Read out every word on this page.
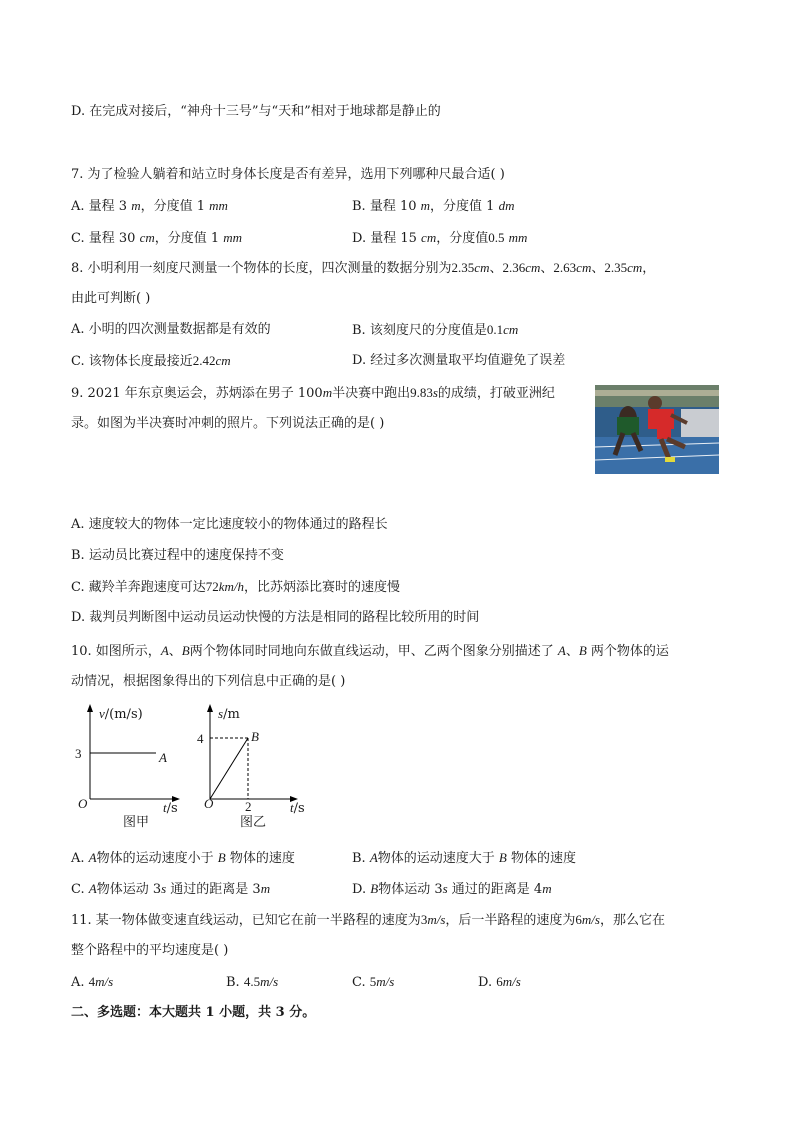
D. 在完成对接后，“神舟十三号”与“天和”相对于地球都是静止的
7. 为了检验人躺着和站立时身体长度是否有差异，选用下列哪种尺最合适( )
A. 量程 3 m，分度值 1 mm	B. 量程 10 m，分度值 1 dm
C. 量程 30 cm，分度值 1 mm	D. 量程 15 cm，分度值0.5 mm
8. 小明利用一刻度尺测量一个物体的长度，四次测量的数据分别为2.35cm、2.36cm、2.63cm、2.35cm，
由此可判断( )
A. 小明的四次测量数据都是有效的	B. 该刻度尺的分度值是0.1cm
C. 该物体长度最接近2.42cm	D. 经过多次测量取平均值避免了误差
9. 2021 年东京奥运会，苏炳添在男子 100m半决赛中跑出9.83s的成绩，打破亚洲纪
录。如图为半决赛时冲刺的照片。下列说法正确的是( )
A. 速度较大的物体一定比速度较小的物体通过的路程长
B. 运动员比赛过程中的速度保持不变
C. 藏羚羊奔跑速度可达72km/h，比苏炳添比赛时的速度慢
D. 裁判员判断图中运动员运动快慢的方法是相同的路程比较所用的时间
10. 如图所示，A、B两个物体同时同地向东做直线运动，甲、乙两个图象分别描述了 A、B 两个物体的运
动情况，根据图象得出的下列信息中正确的是( )
v/(m/s)
3	A
O	t/s
图甲
s/m
4	B
O 2	t/s
图乙
A. A物体的运动速度小于 B 物体的速度	B. A物体的运动速度大于 B 物体的速度
C. A物体运动 3s 通过的距离是 3m	D. B物体运动 3s 通过的距离是 4m
11. 某一物体做变速直线运动，已知它在前一半路程的速度为3m/s，后一半路程的速度为6m/s，那么它在
整个路程中的平均速度是( )
A. 4m/s	B. 4.5m/s	C. 5m/s	D. 6m/s
二、多选题：本大题共 1 小题，共 3 分。
